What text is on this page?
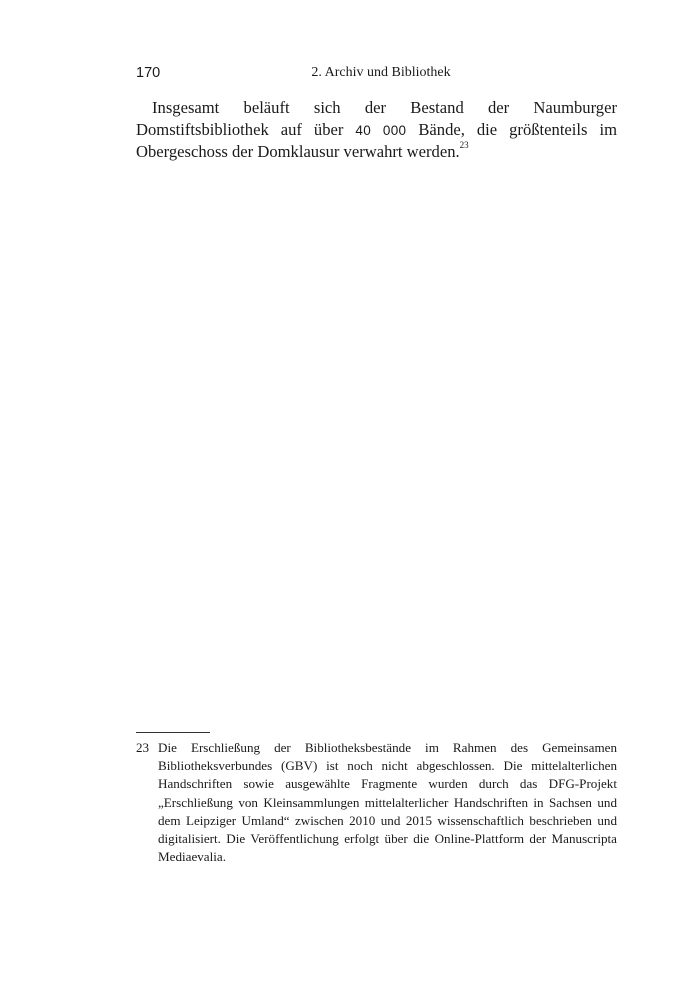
170	2. Archiv und Bibliothek

Insgesamt beläuft sich der Bestand der Naumburger Domstiftsbibliothek auf über 40 000 Bände, die größtenteils im Obergeschoss der Domklausur verwahrt werden.$^{23}$

23 Die Erschließung der Bibliotheksbestände im Rahmen des Gemeinsamen Bibliotheksverbundes (GBV) ist noch nicht abgeschlossen. Die mittelalterlichen Handschriften sowie ausgewählte Fragmente wurden durch das DFG-Projekt „Erschließung von Kleinsammlungen mittelalterlicher Handschriften in Sachsen und dem Leipziger Umland“ zwischen 2010 und 2015 wissenschaftlich beschrieben und digitalisiert. Die Veröffentlichung erfolgt über die Online-Plattform der Manuscripta Mediaevalia.
